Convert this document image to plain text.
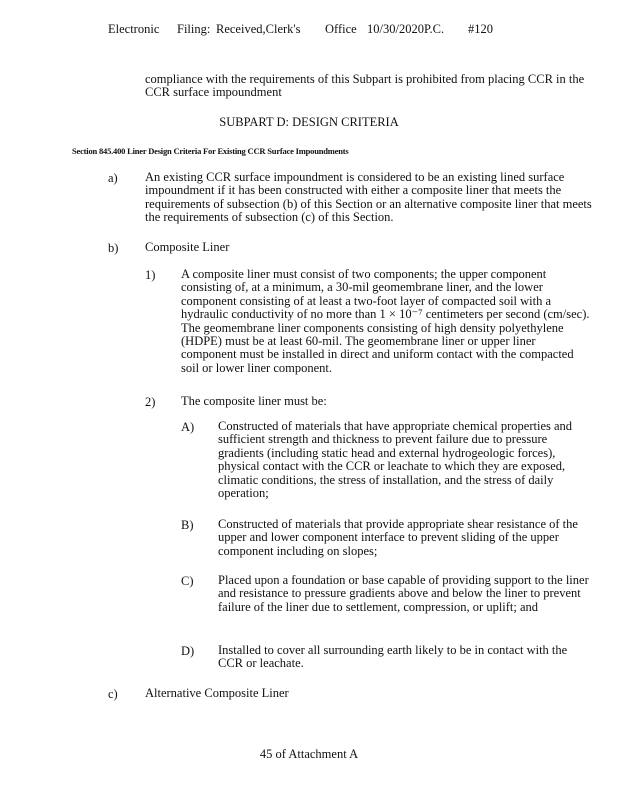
Electronic Filing: Received,Clerk's Office 10/30/2020P.C. #120
compliance with the requirements of this Subpart is prohibited from placing CCR in the CCR surface impoundment
SUBPART D: DESIGN CRITERIA
Section 845.400 Liner Design Criteria For Existing CCR Surface Impoundments
a) An existing CCR surface impoundment is considered to be an existing lined surface impoundment if it has been constructed with either a composite liner that meets the requirements of subsection (b) of this Section or an alternative composite liner that meets the requirements of subsection (c) of this Section.
b) Composite Liner
1) A composite liner must consist of two components; the upper component consisting of, at a minimum, a 30-mil geomembrane liner, and the lower component consisting of at least a two-foot layer of compacted soil with a hydraulic conductivity of no more than 1 × 10⁻⁷ centimeters per second (cm/sec). The geomembrane liner components consisting of high density polyethylene (HDPE) must be at least 60-mil. The geomembrane liner or upper liner component must be installed in direct and uniform contact with the compacted soil or lower liner component.
2) The composite liner must be:
A) Constructed of materials that have appropriate chemical properties and sufficient strength and thickness to prevent failure due to pressure gradients (including static head and external hydrogeologic forces), physical contact with the CCR or leachate to which they are exposed, climatic conditions, the stress of installation, and the stress of daily operation;
B) Constructed of materials that provide appropriate shear resistance of the upper and lower component interface to prevent sliding of the upper component including on slopes;
C) Placed upon a foundation or base capable of providing support to the liner and resistance to pressure gradients above and below the liner to prevent failure of the liner due to settlement, compression, or uplift; and
D) Installed to cover all surrounding earth likely to be in contact with the CCR or leachate.
c) Alternative Composite Liner
45 of Attachment A
